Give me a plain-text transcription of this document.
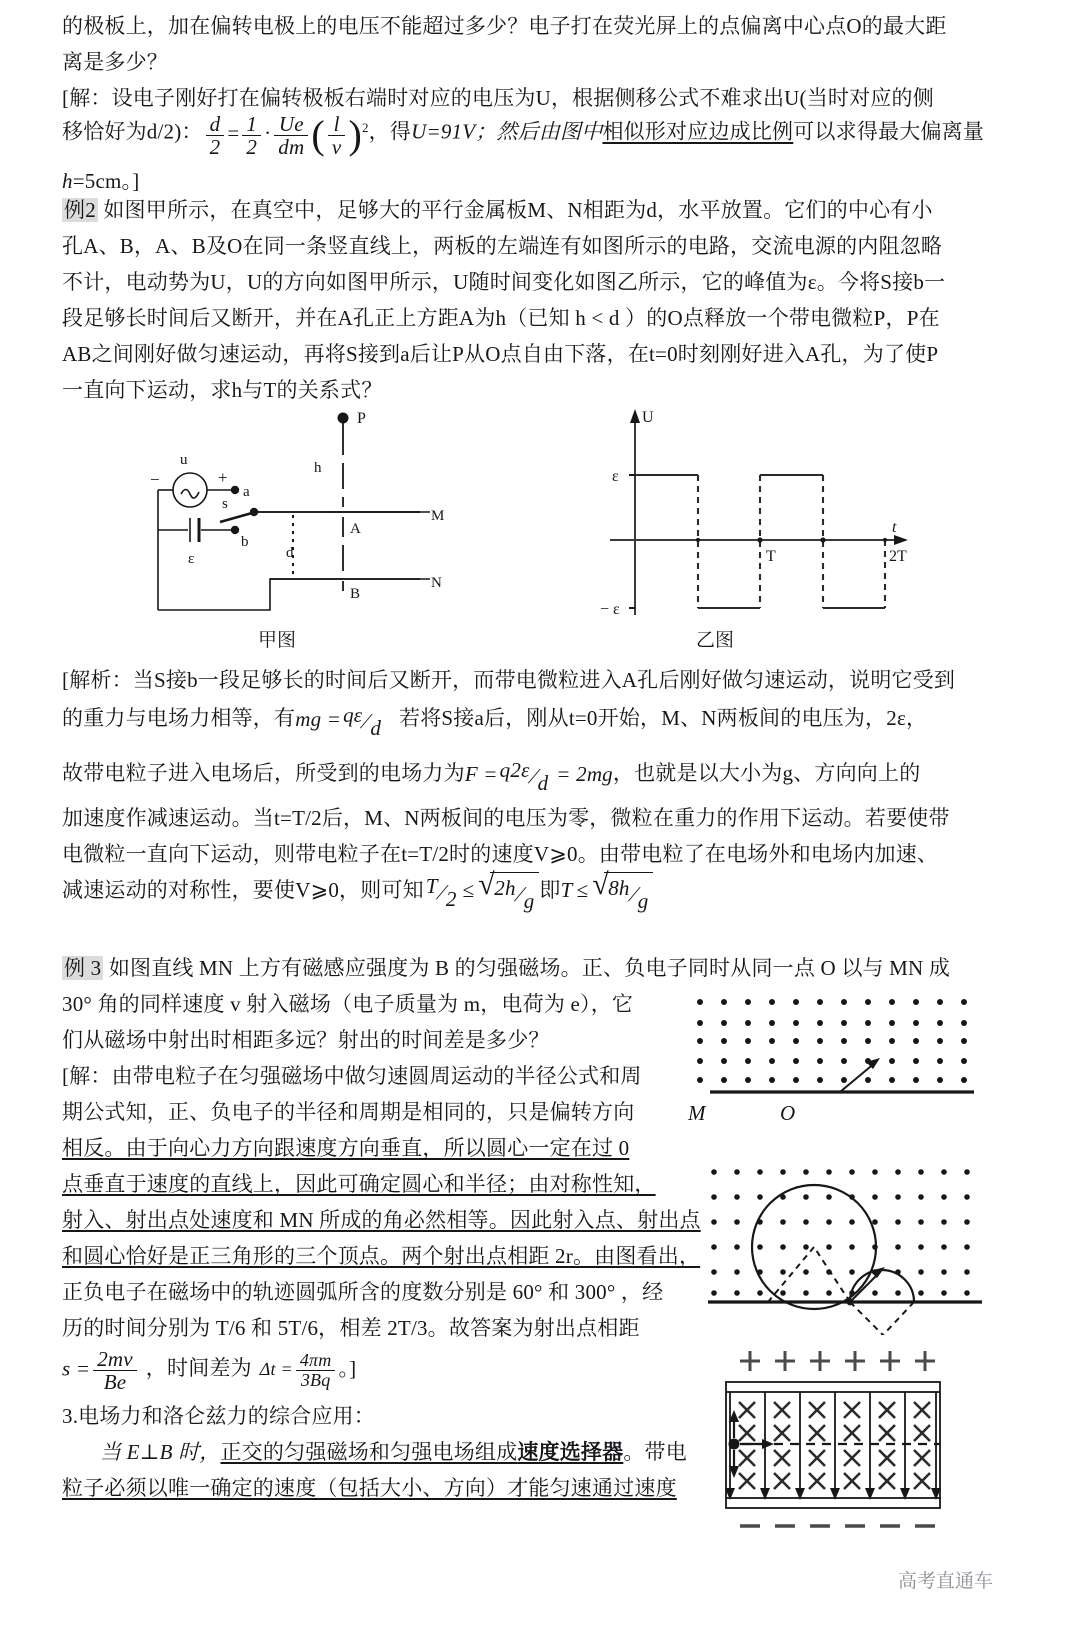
的极板上，加在偏转电极上的电压不能超过多少？电子打在荧光屏上的点偏离中心点O的最大距
离是多少？
[解：设电子刚好打在偏转极板右端时对应的电压为U，根据侧移公式不难求出U(当时对应的侧
移恰好为d/2)： $\frac{d}{2} = \frac{1}{2} \cdot \frac{Ue}{dm}$ ( $\frac{l}{v} )^2$，得U=91V；然后由图中相似形对应边成比例可以求得最大偏离量
h=5cm。]
例2 如图甲所示，在真空中，足够大的平行金属板M、N相距为d，水平放置。它们的中心有小
孔A、B，A、B及O在同一条竖直线上，两板的左端连有如图所示的电路，交流电源的内阻忽略
不计，电动势为U，U的方向如图甲所示，U随时间变化如图乙所示，它的峰值为ε。今将S接b一
段足够长时间后又断开，并在A孔正上方距A为h（已知 h < d ）的O点释放一个带电微粒P，P在
AB之间刚好做匀速运动，再将S接到a后让P从O点自由下落，在t=0时刻刚好进入A孔，为了使P
一直向下运动，求h与T的关系式？
u
−	+
a
b
s
ε
P
h
d
A
B
M
N
甲图
U
t
ε
− ε
T	2T
乙图
[解析：当S接b一段足够长的时间后又断开，而带电微粒进入A孔后刚好做匀速运动，说明它受到
的重力与电场力相等，有mg =qε/d 若将S接a后，刚从t=0开始，M、N两板间的电压为，2ε，
故带电粒子进入电场后，所受到的电场力为F =q2ε/d = 2mg，也就是以大小为g、方向向上的
加速度作减速运动。当t=T/2后，M、N两板间的电压为零，微粒在重力的作用下运动。若要使带
电微粒一直向下运动，则带电粒子在t=T/2时的速度V⩾0。由带电粒了在电场外和电场内加速、
减速运动的对称性，要使V⩾0，则可知T/2 ≤ √ 2h/g 即T ≤ √ 8h/g
例 3 如图直线 MN 上方有磁感应强度为 B 的匀强磁场。正、负电子同时从同一点 O 以与 MN 成
30° 角的同样速度 v 射入磁场（电子质量为 m，电荷为 e），它
们从磁场中射出时相距多远？射出的时间差是多少？
[解：由带电粒子在匀强磁场中做匀速圆周运动的半径公式和周
期公式知，正、负电子的半径和周期是相同的，只是偏转方向
相反。由于向心力方向跟速度方向垂直，所以圆心一定在过 0
点垂直于速度的直线上，因此可确定圆心和半径；由对称性知，
射入、射出点处速度和 MN 所成的角必然相等。因此射入点、射出点
和圆心恰好是正三角形的三个顶点。两个射出点相距 2r。由图看出，
正负电子在磁场中的轨迹圆弧所含的度数分别是 60° 和 300° ，经
历的时间分别为 T/6 和 5T/6，相差 2T/3。故答案为射出点相距
$s = \frac{2mv}{Be}$ ，时间差为 $\Delta t = \frac{4\pi m}{3Bq}$ 。]
M	O
3.电场力和洛仑兹力的综合应用：
当 E⊥B 时，正交的匀强磁场和匀强电场组成速度选择器。带电
粒子必须以唯一确定的速度（包括大小、方向）才能匀速通过速度
高考直通车
